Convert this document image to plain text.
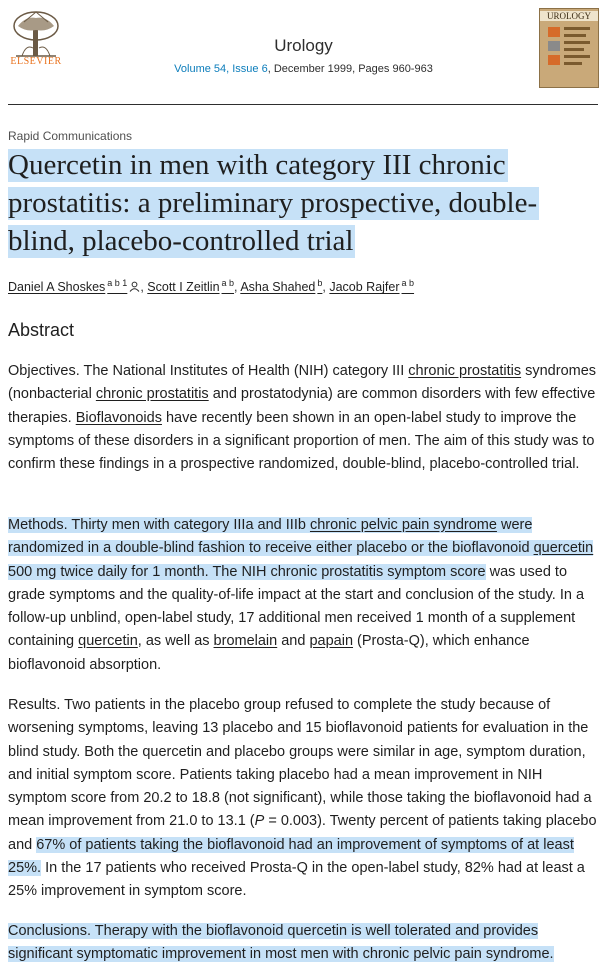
ELSEVIER
Urology
Volume 54, Issue 6, December 1999, Pages 960-963
UROLOGY
Rapid Communications
Quercetin in men with category III chronic prostatitis: a preliminary prospective, double-blind, placebo-controlled trial
Daniel A Shoskes $^{a b 1}$ , Scott I Zeitlin $^{a b}$, Asha Shahed $^b$, Jacob Rajfer $^{a b}$
Abstract

Objectives. The National Institutes of Health (NIH) category III chronic prostatitis syndromes (nonbacterial chronic prostatitis and prostatodynia) are common disorders with few effective therapies. Bioflavonoids have recently been shown in an open-label study to improve the symptoms of these disorders in a significant proportion of men. The aim of this study was to confirm these findings in a prospective randomized, double-blind, placebo-controlled trial.

Methods. Thirty men with category IIIa and IIIb chronic pelvic pain syndrome were randomized in a double-blind fashion to receive either placebo or the bioflavonoid quercetin 500 mg twice daily for 1 month. The NIH chronic prostatitis symptom score was used to grade symptoms and the quality-of-life impact at the start and conclusion of the study. In a follow-up unblind, open-label study, 17 additional men received 1 month of a supplement containing quercetin, as well as bromelain and papain (Prosta-Q), which enhance bioflavonoid absorption.

Results. Two patients in the placebo group refused to complete the study because of worsening symptoms, leaving 13 placebo and 15 bioflavonoid patients for evaluation in the blind study. Both the quercetin and placebo groups were similar in age, symptom duration, and initial symptom score. Patients taking placebo had a mean improvement in NIH symptom score from 20.2 to 18.8 (not significant), while those taking the bioflavonoid had a mean improvement from 21.0 to 13.1 (P = 0.003). Twenty percent of patients taking placebo and 67% of patients taking the bioflavonoid had an improvement of symptoms of at least 25%. In the 17 patients who received Prosta-Q in the open-label study, 82% had at least a 25% improvement in symptom score.

Conclusions. Therapy with the bioflavonoid quercetin is well tolerated and provides significant symptomatic improvement in most men with chronic pelvic pain syndrome.
